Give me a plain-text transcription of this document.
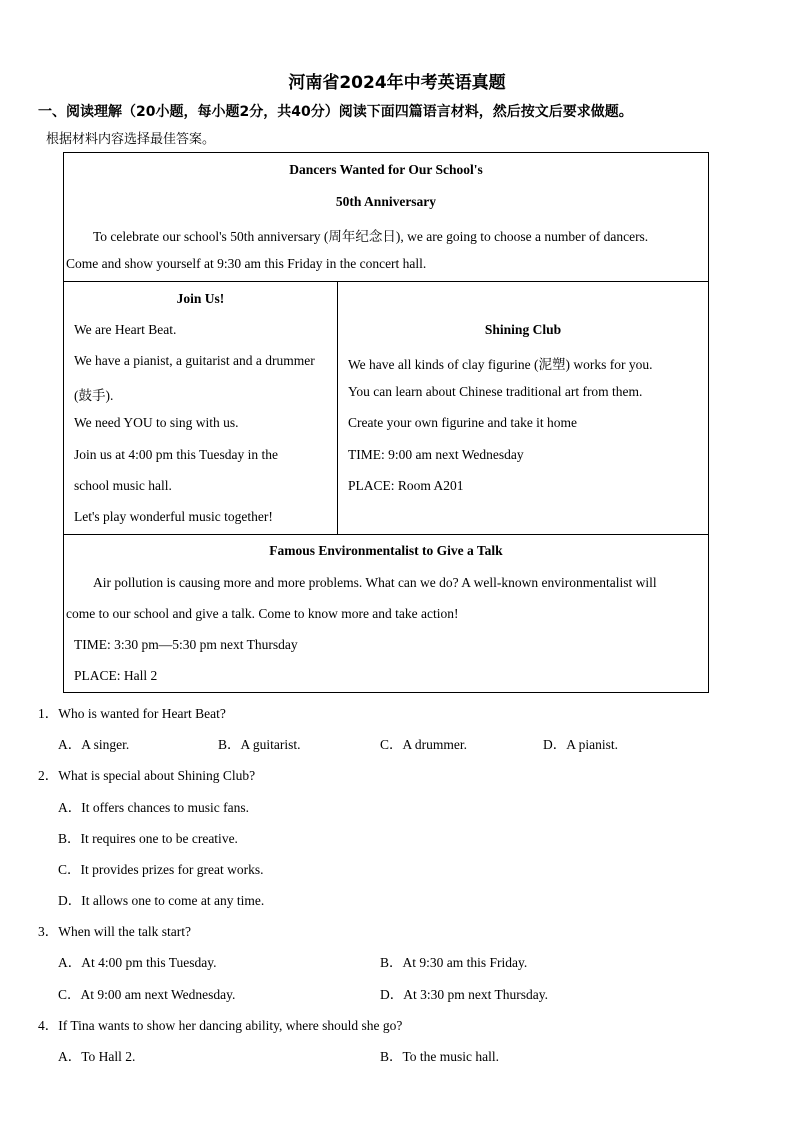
河南省2024年中考英语真题
一、阅读理解（20小题，每小题2分，共40分）阅读下面四篇语言材料，然后按文后要求做题。
根据材料内容选择最佳答案。
Dancers Wanted for Our School's
50th Anniversary
To celebrate our school's 50th anniversary (周年纪念日), we are going to choose a number of dancers.
Come and show yourself at 9:30 am this Friday in the concert hall.
Join Us!
We are Heart Beat.
We have a pianist, a guitarist and a drummer
(鼓手).
We need YOU to sing with us.
Join us at 4:00 pm this Tuesday in the
school music hall.
Let's play wonderful music together!
Shining Club
We have all kinds of clay figurine (泥塑) works for you.
You can learn about Chinese traditional art from them.
Create your own figurine and take it home
TIME: 9:00 am next Wednesday
PLACE: Room A201
Famous Environmentalist to Give a Talk
Air pollution is causing more and more problems. What can we do? A well-known environmentalist will
come to our school and give a talk. Come to know more and take action!
TIME: 3:30 pm—5:30 pm next Thursday
PLACE: Hall 2
1．Who is wanted for Heart Beat?
A．A singer.	B．A guitarist.	C．A drummer.	D．A pianist.
2．What is special about Shining Club?
A．It offers chances to music fans.
B．It requires one to be creative.
C．It provides prizes for great works.
D．It allows one to come at any time.
3．When will the talk start?
A．At 4:00 pm this Tuesday.	B．At 9:30 am this Friday.
C．At 9:00 am next Wednesday.	D．At 3:30 pm next Thursday.
4．If Tina wants to show her dancing ability, where should she go?
A．To Hall 2.	B．To the music hall.
